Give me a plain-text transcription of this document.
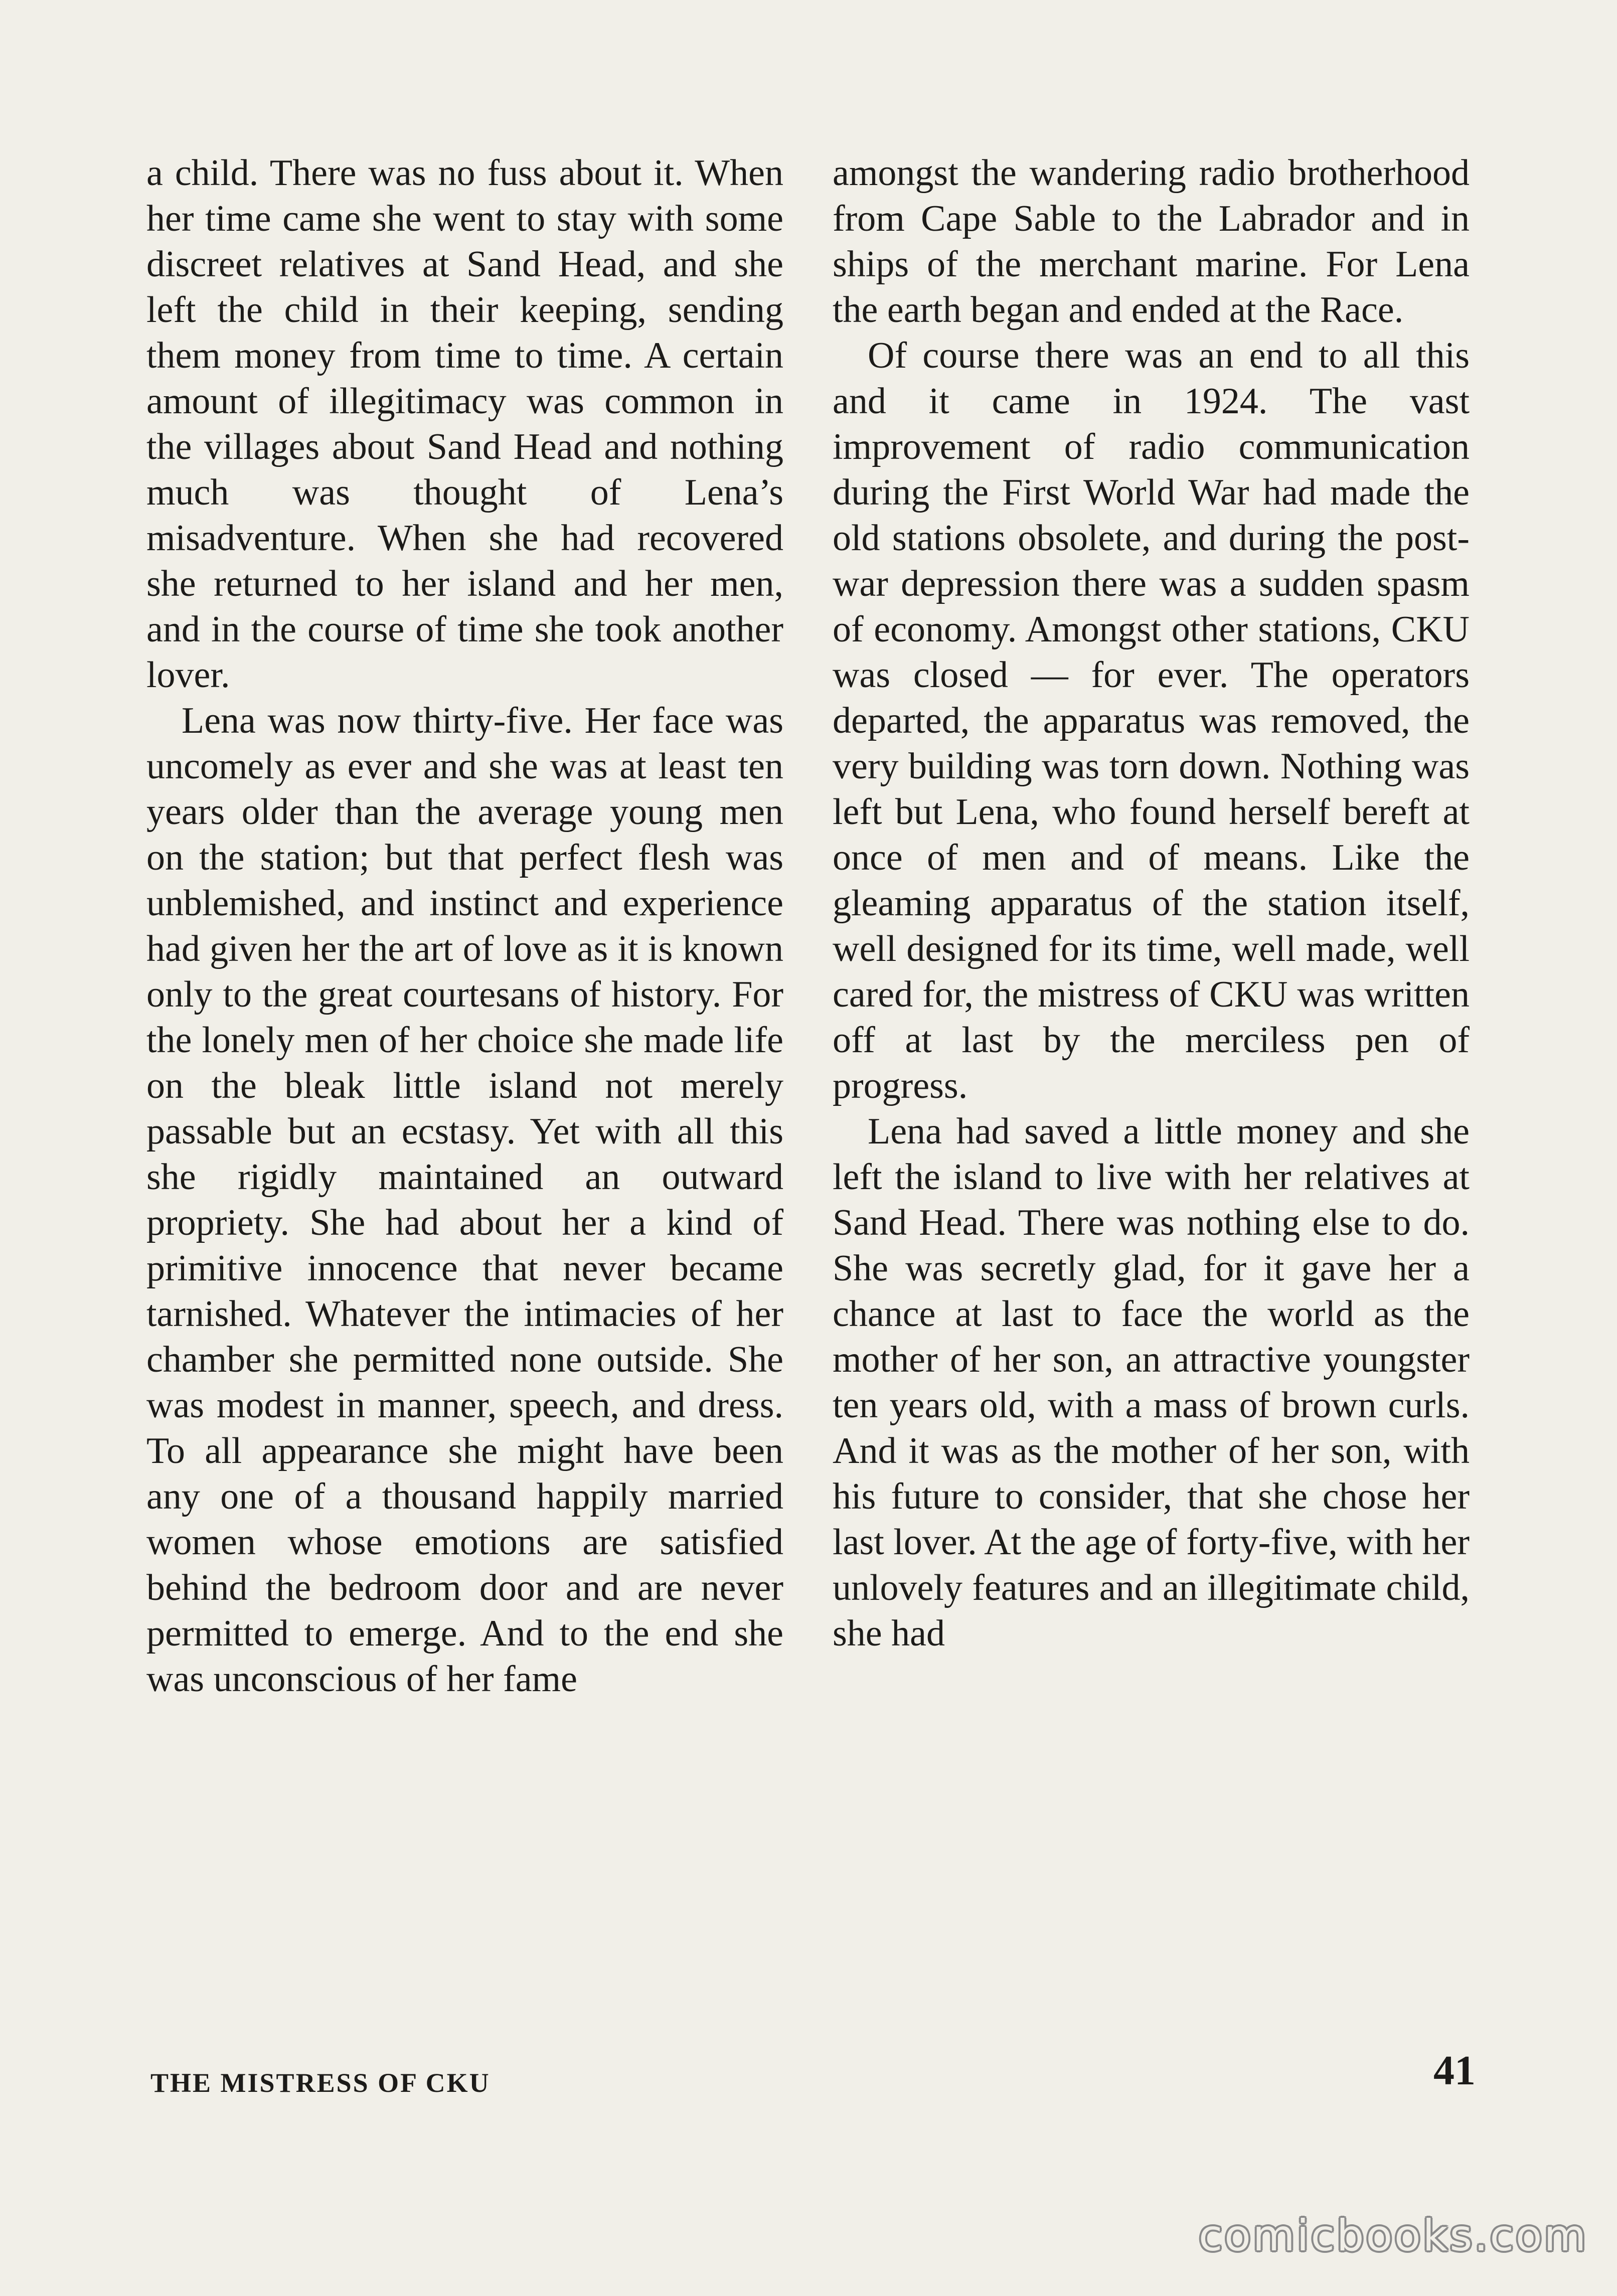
a child. There was no fuss about it. When her time came she went to stay with some discreet relatives at Sand Head, and she left the child in their keeping, sending them money from time to time. A certain amount of illegitimacy was common in the villages about Sand Head and nothing much was thought of Lena’s misadventure. When she had recovered she returned to her island and her men, and in the course of time she took another lover.

Lena was now thirty-five. Her face was uncomely as ever and she was at least ten years older than the average young men on the station; but that perfect flesh was unblemished, and instinct and experience had given her the art of love as it is known only to the great courtesans of history. For the lonely men of her choice she made life on the bleak little island not merely passable but an ecstasy. Yet with all this she rigidly maintained an outward propriety. She had about her a kind of primitive innocence that never became tarnished. Whatever the intimacies of her chamber she permitted none outside. She was modest in manner, speech, and dress. To all appearance she might have been any one of a thousand happily married women whose emotions are satisfied behind the bedroom door and are never permitted to emerge. And to the end she was unconscious of her fame

amongst the wandering radio brotherhood from Cape Sable to the Labrador and in ships of the merchant marine. For Lena the earth began and ended at the Race.

Of course there was an end to all this and it came in 1924. The vast improvement of radio communication during the First World War had made the old stations obsolete, and during the post-war depression there was a sudden spasm of economy. Amongst other stations, CKU was closed — for ever. The operators departed, the apparatus was removed, the very building was torn down. Nothing was left but Lena, who found herself bereft at once of men and of means. Like the gleaming apparatus of the station itself, well designed for its time, well made, well cared for, the mistress of CKU was written off at last by the merciless pen of progress.

Lena had saved a little money and she left the island to live with her relatives at Sand Head. There was nothing else to do. She was secretly glad, for it gave her a chance at last to face the world as the mother of her son, an attractive youngster ten years old, with a mass of brown curls. And it was as the mother of her son, with his future to consider, that she chose her last lover. At the age of forty-five, with her unlovely features and an illegitimate child, she had

THE MISTRESS OF CKU	41
comicbooks.com
